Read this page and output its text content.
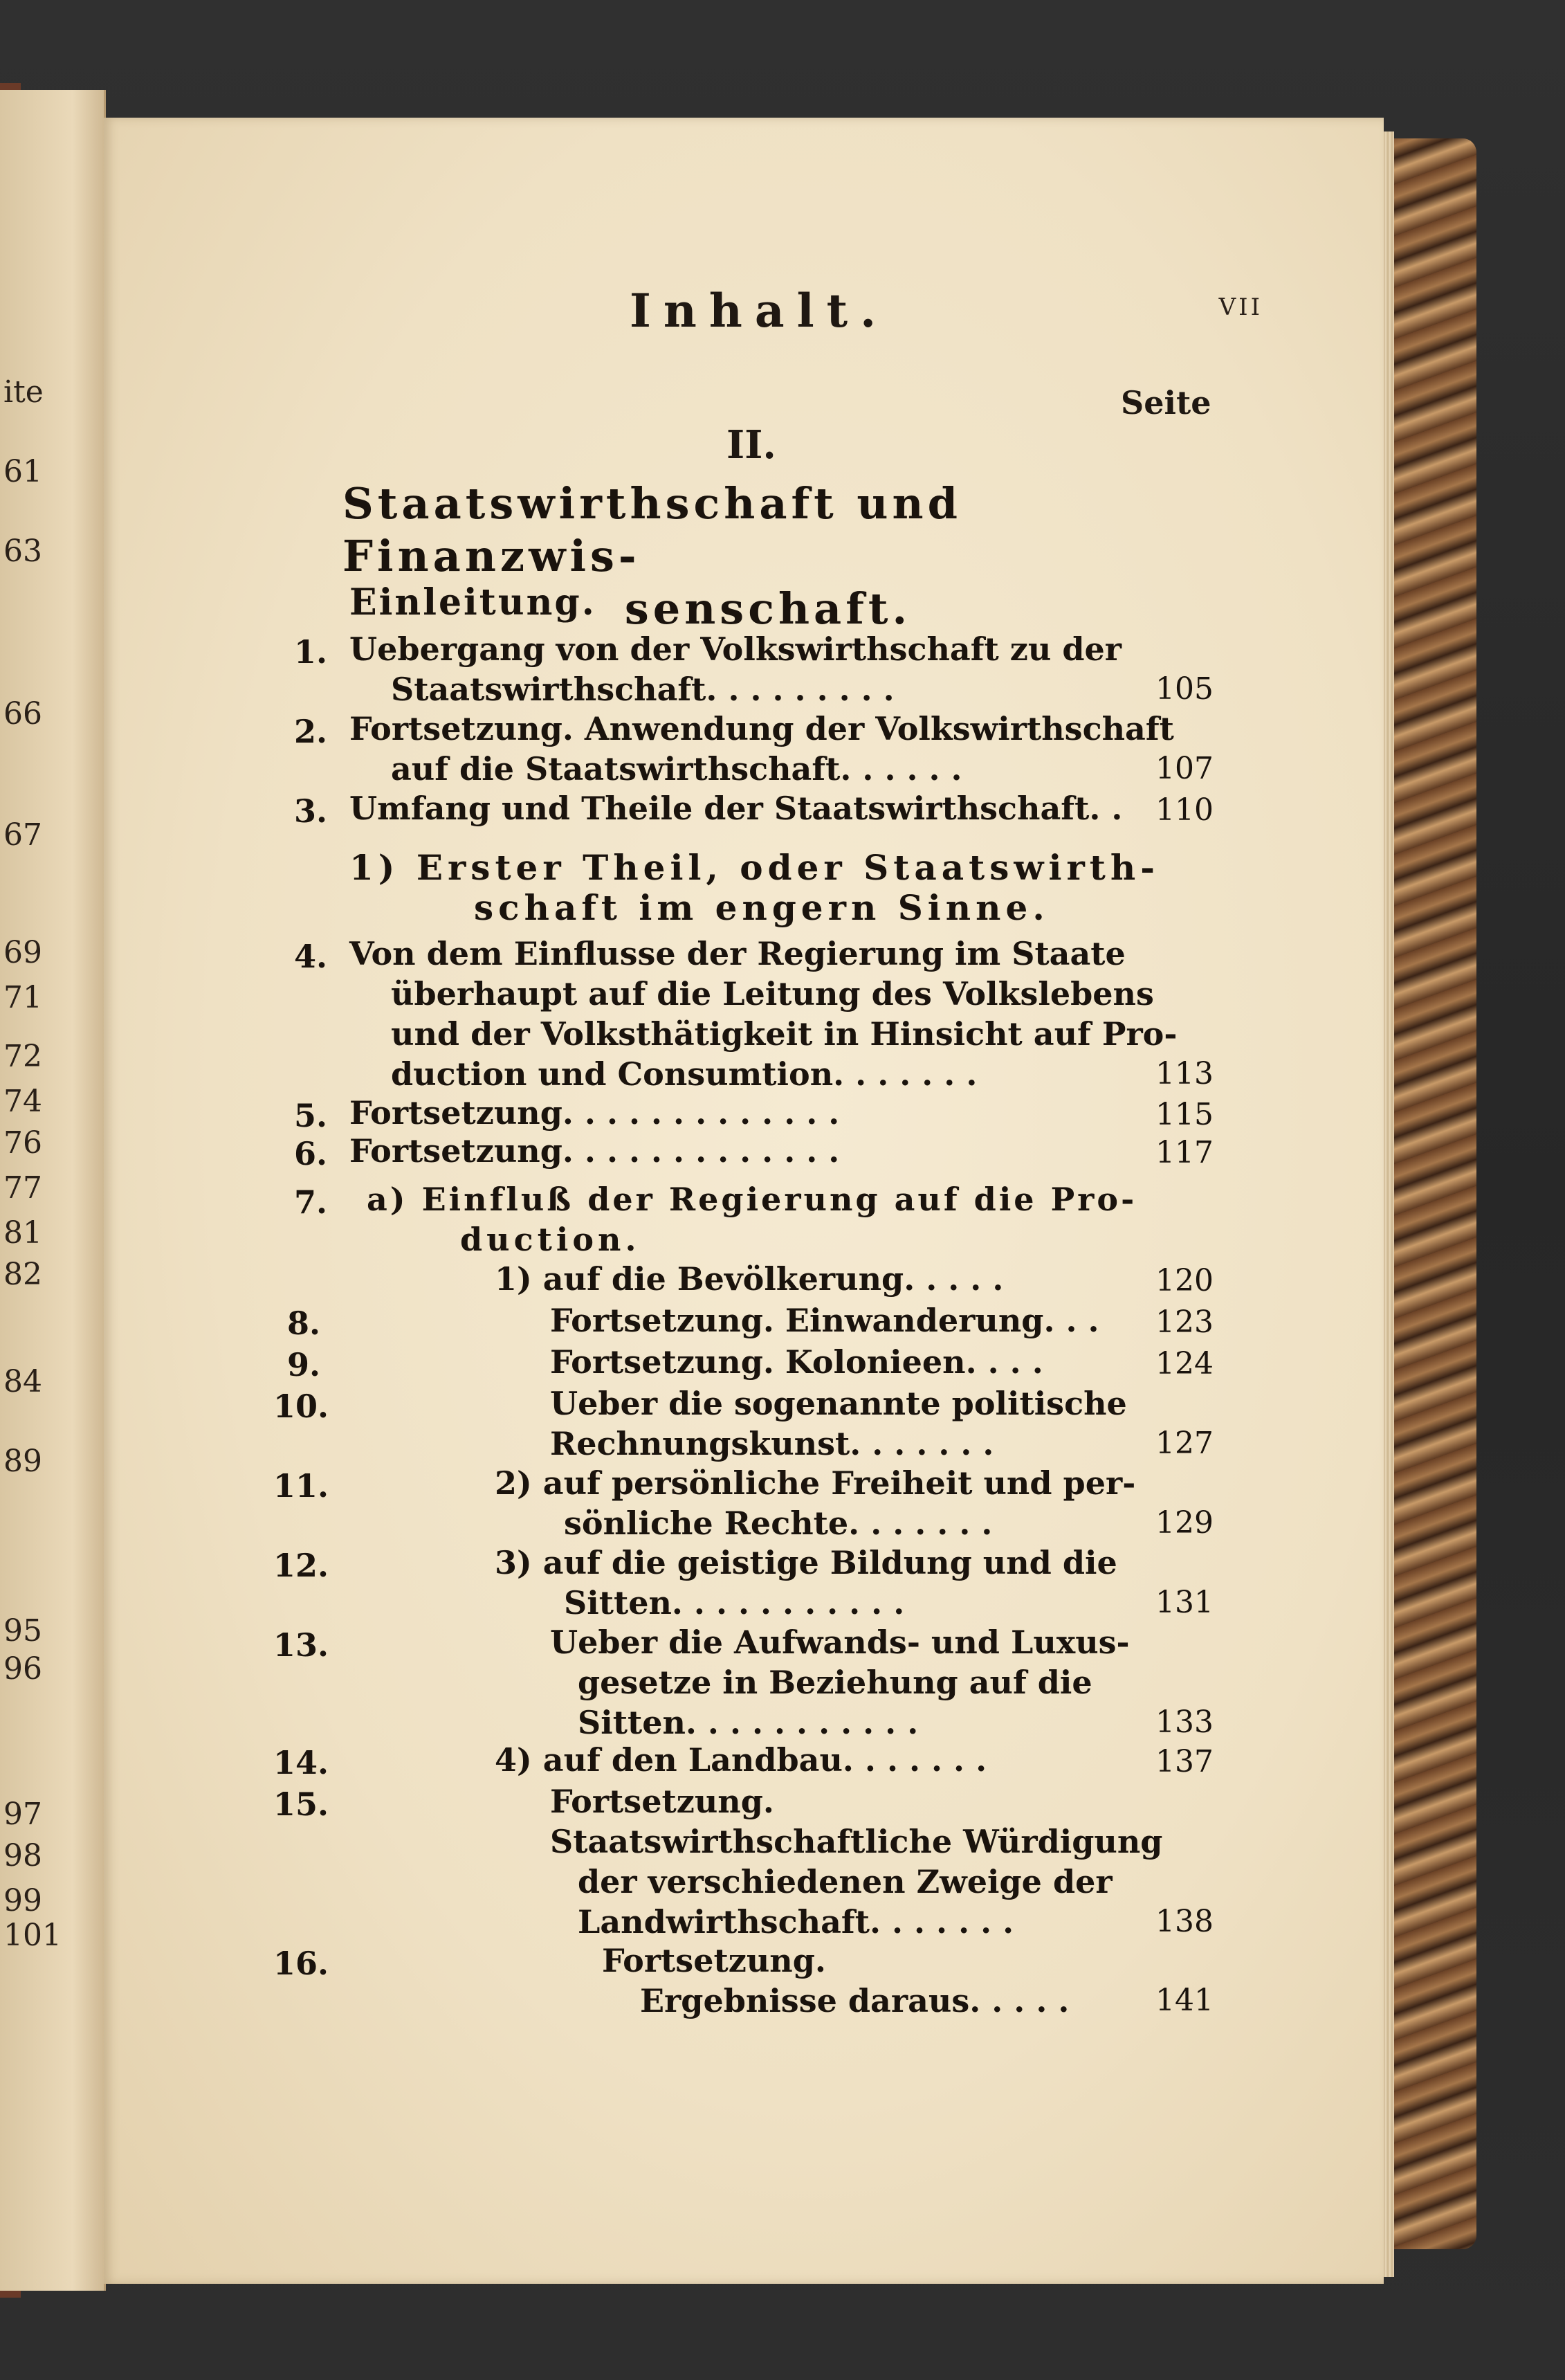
ite
61
63
66
67
69
71
72
74
76
77
81
82
84
89
95
96
97
98
99
101
Inhalt.	VII
Seite
II.
Staatswirthschaft und Finanzwis-
senschaft.
Einleitung.
1. Uebergang von der Volkswirthschaft zu der
Staatswirthschaft. . . . . . . . .	105
2. Fortsetzung. Anwendung der Volkswirthschaft
auf die Staatswirthschaft. . . . . .	107
3. Umfang und Theile der Staatswirthschaft. . 110
1) Erster Theil, oder Staatswirth-
schaft im engern Sinne.
4. Von dem Einflusse der Regierung im Staate
überhaupt auf die Leitung des Volkslebens
und der Volksthätigkeit in Hinsicht auf Pro-
duction und Consumtion. . . . . . .	113
5. Fortsetzung. . . . . . . . . . . . .	115
6. Fortsetzung. . . . . . . . . . . . .	117
7. a) Einfluß der Regierung auf die Pro-
duction.
1) auf die Bevölkerung. . . . .	120
8.	Fortsetzung. Einwanderung. . . 123
9.	Fortsetzung. Kolonieen. . . .	124
10.	Ueber die sogenannte politische
Rechnungskunst. . . . . . .	127
11.	2) auf persönliche Freiheit und per-
sönliche Rechte. . . . . . .	129
12.	3) auf die geistige Bildung und die
Sitten. . . . . . . . . . .	131
13.	Ueber die Aufwands- und Luxus-
gesetze in Beziehung auf die
Sitten. . . . . . . . . . .	133
14.	4) auf den Landbau. . . . . . .	137
15.	Fortsetzung.
Staatswirthschaftliche Würdigung
der verschiedenen Zweige der
Landwirthschaft. . . . . . .	138
16.	Fortsetzung.
Ergebnisse daraus. . . . .	141
